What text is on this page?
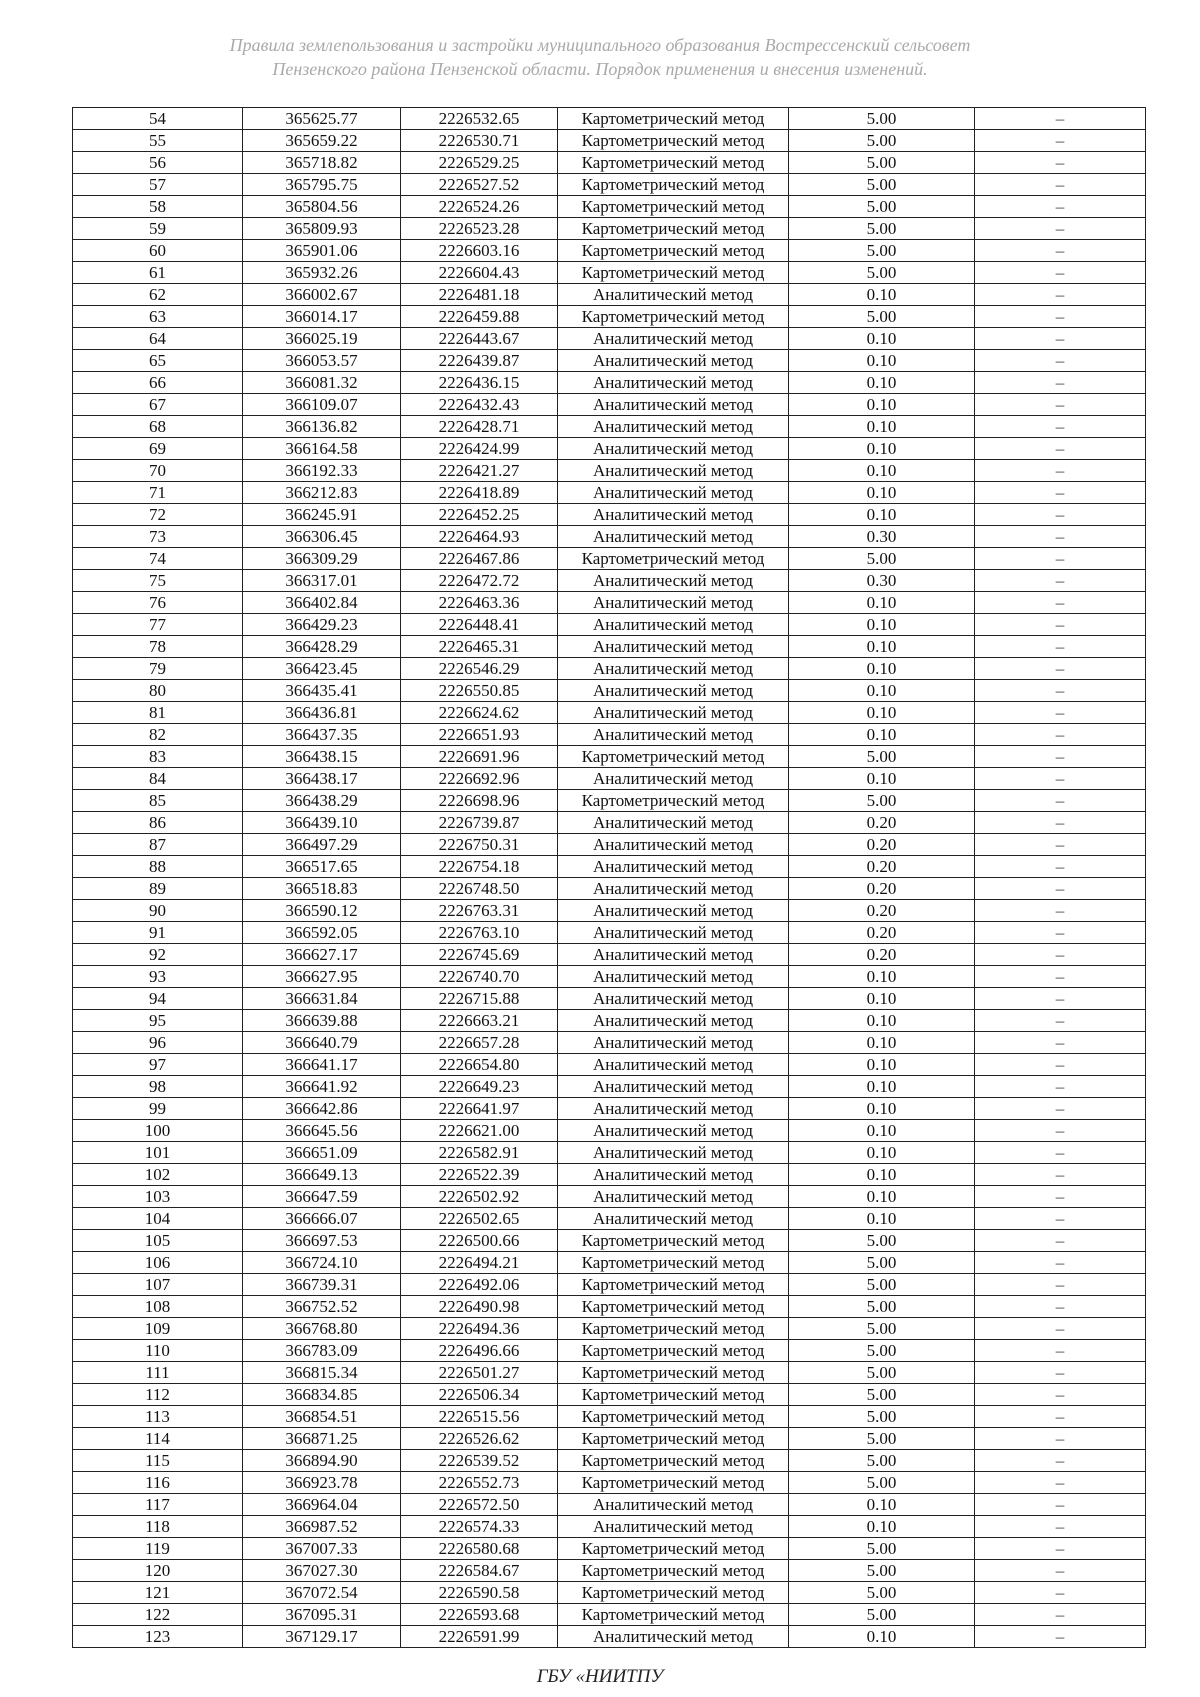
Правила землепользования и застройки муниципального образования Вострессенский сельсовет
Пензенского района Пензенской области. Порядок применения и внесения изменений.
54	365625.77	2226532.65	Картометрический метод	5.00	–
55	365659.22	2226530.71	Картометрический метод	5.00	–
56	365718.82	2226529.25	Картометрический метод	5.00	–
57	365795.75	2226527.52	Картометрический метод	5.00	–
58	365804.56	2226524.26	Картометрический метод	5.00	–
59	365809.93	2226523.28	Картометрический метод	5.00	–
60	365901.06	2226603.16	Картометрический метод	5.00	–
61	365932.26	2226604.43	Картометрический метод	5.00	–
62	366002.67	2226481.18	Аналитический метод	0.10	–
63	366014.17	2226459.88	Картометрический метод	5.00	–
64	366025.19	2226443.67	Аналитический метод	0.10	–
65	366053.57	2226439.87	Аналитический метод	0.10	–
66	366081.32	2226436.15	Аналитический метод	0.10	–
67	366109.07	2226432.43	Аналитический метод	0.10	–
68	366136.82	2226428.71	Аналитический метод	0.10	–
69	366164.58	2226424.99	Аналитический метод	0.10	–
70	366192.33	2226421.27	Аналитический метод	0.10	–
71	366212.83	2226418.89	Аналитический метод	0.10	–
72	366245.91	2226452.25	Аналитический метод	0.10	–
73	366306.45	2226464.93	Аналитический метод	0.30	–
74	366309.29	2226467.86	Картометрический метод	5.00	–
75	366317.01	2226472.72	Аналитический метод	0.30	–
76	366402.84	2226463.36	Аналитический метод	0.10	–
77	366429.23	2226448.41	Аналитический метод	0.10	–
78	366428.29	2226465.31	Аналитический метод	0.10	–
79	366423.45	2226546.29	Аналитический метод	0.10	–
80	366435.41	2226550.85	Аналитический метод	0.10	–
81	366436.81	2226624.62	Аналитический метод	0.10	–
82	366437.35	2226651.93	Аналитический метод	0.10	–
83	366438.15	2226691.96	Картометрический метод	5.00	–
84	366438.17	2226692.96	Аналитический метод	0.10	–
85	366438.29	2226698.96	Картометрический метод	5.00	–
86	366439.10	2226739.87	Аналитический метод	0.20	–
87	366497.29	2226750.31	Аналитический метод	0.20	–
88	366517.65	2226754.18	Аналитический метод	0.20	–
89	366518.83	2226748.50	Аналитический метод	0.20	–
90	366590.12	2226763.31	Аналитический метод	0.20	–
91	366592.05	2226763.10	Аналитический метод	0.20	–
92	366627.17	2226745.69	Аналитический метод	0.20	–
93	366627.95	2226740.70	Аналитический метод	0.10	–
94	366631.84	2226715.88	Аналитический метод	0.10	–
95	366639.88	2226663.21	Аналитический метод	0.10	–
96	366640.79	2226657.28	Аналитический метод	0.10	–
97	366641.17	2226654.80	Аналитический метод	0.10	–
98	366641.92	2226649.23	Аналитический метод	0.10	–
99	366642.86	2226641.97	Аналитический метод	0.10	–
100	366645.56	2226621.00	Аналитический метод	0.10	–
101	366651.09	2226582.91	Аналитический метод	0.10	–
102	366649.13	2226522.39	Аналитический метод	0.10	–
103	366647.59	2226502.92	Аналитический метод	0.10	–
104	366666.07	2226502.65	Аналитический метод	0.10	–
105	366697.53	2226500.66	Картометрический метод	5.00	–
106	366724.10	2226494.21	Картометрический метод	5.00	–
107	366739.31	2226492.06	Картометрический метод	5.00	–
108	366752.52	2226490.98	Картометрический метод	5.00	–
109	366768.80	2226494.36	Картометрический метод	5.00	–
110	366783.09	2226496.66	Картометрический метод	5.00	–
111	366815.34	2226501.27	Картометрический метод	5.00	–
112	366834.85	2226506.34	Картометрический метод	5.00	–
113	366854.51	2226515.56	Картометрический метод	5.00	–
114	366871.25	2226526.62	Картометрический метод	5.00	–
115	366894.90	2226539.52	Картометрический метод	5.00	–
116	366923.78	2226552.73	Картометрический метод	5.00	–
117	366964.04	2226572.50	Аналитический метод	0.10	–
118	366987.52	2226574.33	Аналитический метод	0.10	–
119	367007.33	2226580.68	Картометрический метод	5.00	–
120	367027.30	2226584.67	Картометрический метод	5.00	–
121	367072.54	2226590.58	Картометрический метод	5.00	–
122	367095.31	2226593.68	Картометрический метод	5.00	–
123	367129.17	2226591.99	Аналитический метод	0.10	–
ГБУ «НИИТПУ
